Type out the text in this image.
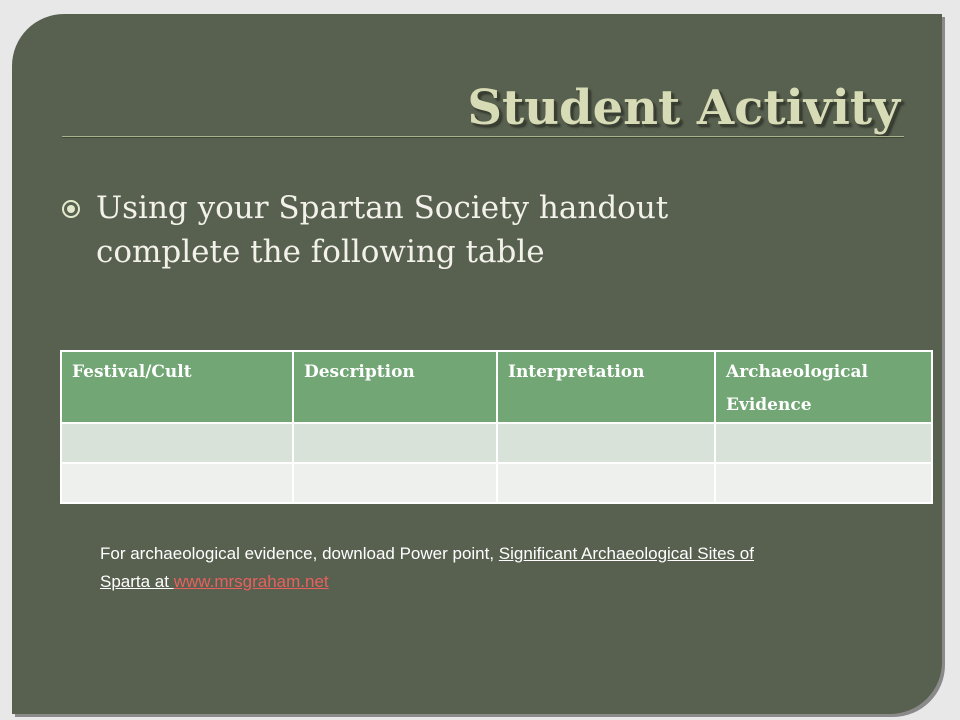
Student Activity
Using your Spartan Society handout complete the following table
Festival/Cult	Description	Interpretation	Archaeological Evidence

For archaeological evidence, download Power point, Significant Archaeological Sites of Sparta at www.mrsgraham.net
